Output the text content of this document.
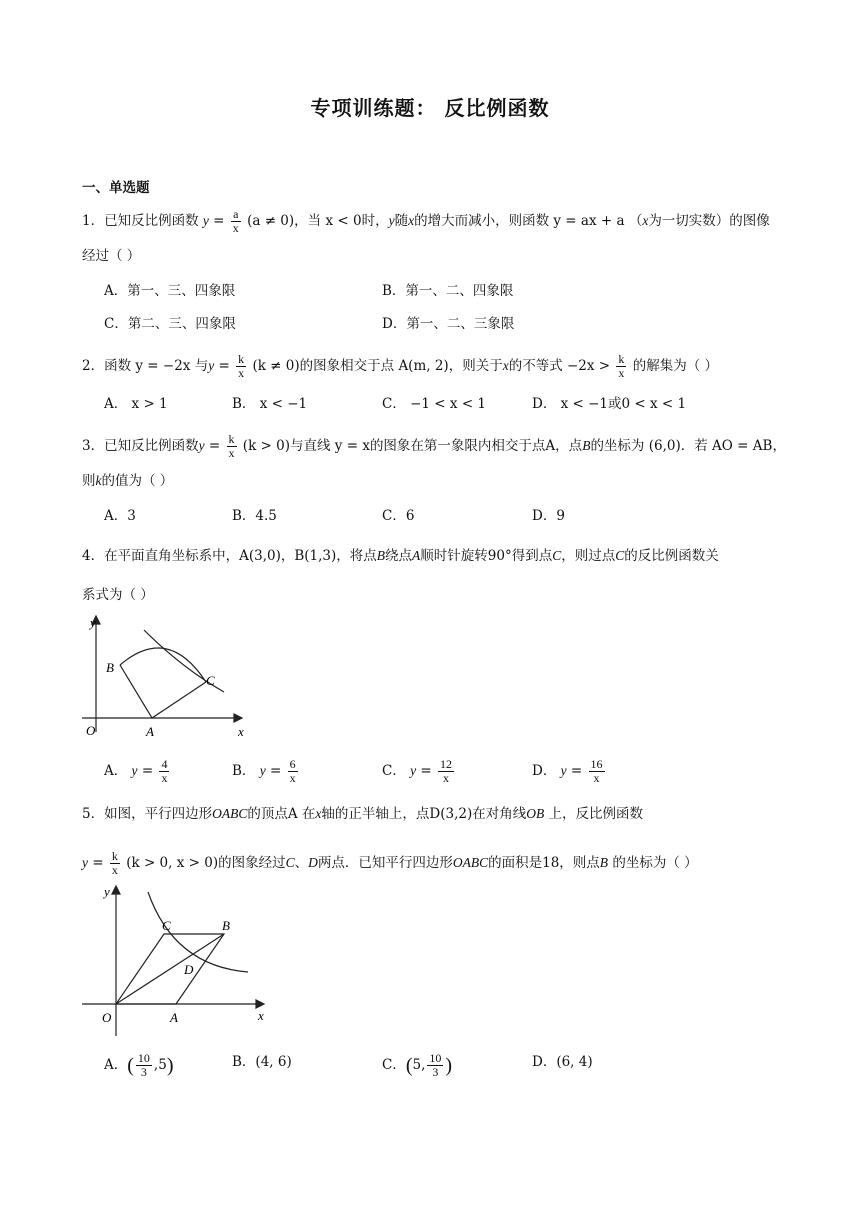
专项训练题： 反比例函数
一、单选题
1．已知反比例函数 $y = \frac{a}{x} (a \ne 0)$，当 x < 0时，y随x的增大而减小，则函数 y = ax + a （x为一切实数）的图像
经过（ ）
A．第一、三、四象限	B．第一、二、四象限
C．第二、三、四象限	D．第一、二、三象限
2．函数 y = −2x 与$y = \frac{k}{x} (k \ne 0)$的图象相交于点 A(m, 2)，则关于x的不等式 $-2x > \frac{k}{x}$ 的解集为（ ）
A． x > 1	B． x < −1	C． −1 < x < 1	D． x < −1或0 < x < 1
3．已知反比例函数$y = \frac{k}{x} (k > 0)$与直线 y = x的图象在第一象限内相交于点A，点B的坐标为 (6,0)．若 AO = AB，
则k的值为（ ）
A．3	B．4.5	C．6	D．9
4．在平面直角坐标系中，A(3,0)，B(1,3)，将点B绕点A顺时针旋转90°得到点C，则过点C的反比例函数关
系式为（ ）
y
x
O	A
B
C
A． $y = \frac{4}{x}$	B． $y = \frac{6}{x}$	C． $y = \frac{12}{x}$	D． $y = \frac{16}{x}$
5．如图，平行四边形OABC的顶点A 在x轴的正半轴上，点D(3,2)在对角线OB 上，反比例函数
$y = \frac{k}{x} (k > 0$, x > 0)的图象经过C、D两点．已知平行四边形OABC的面积是18，则点B 的坐标为（ ）
y
x
O	A
B
C
D
A．( $\frac{10}{3} ,5$)	B．(4, 6)	C．(5, $\frac{10}{3}$ )	D．(6, 4)
